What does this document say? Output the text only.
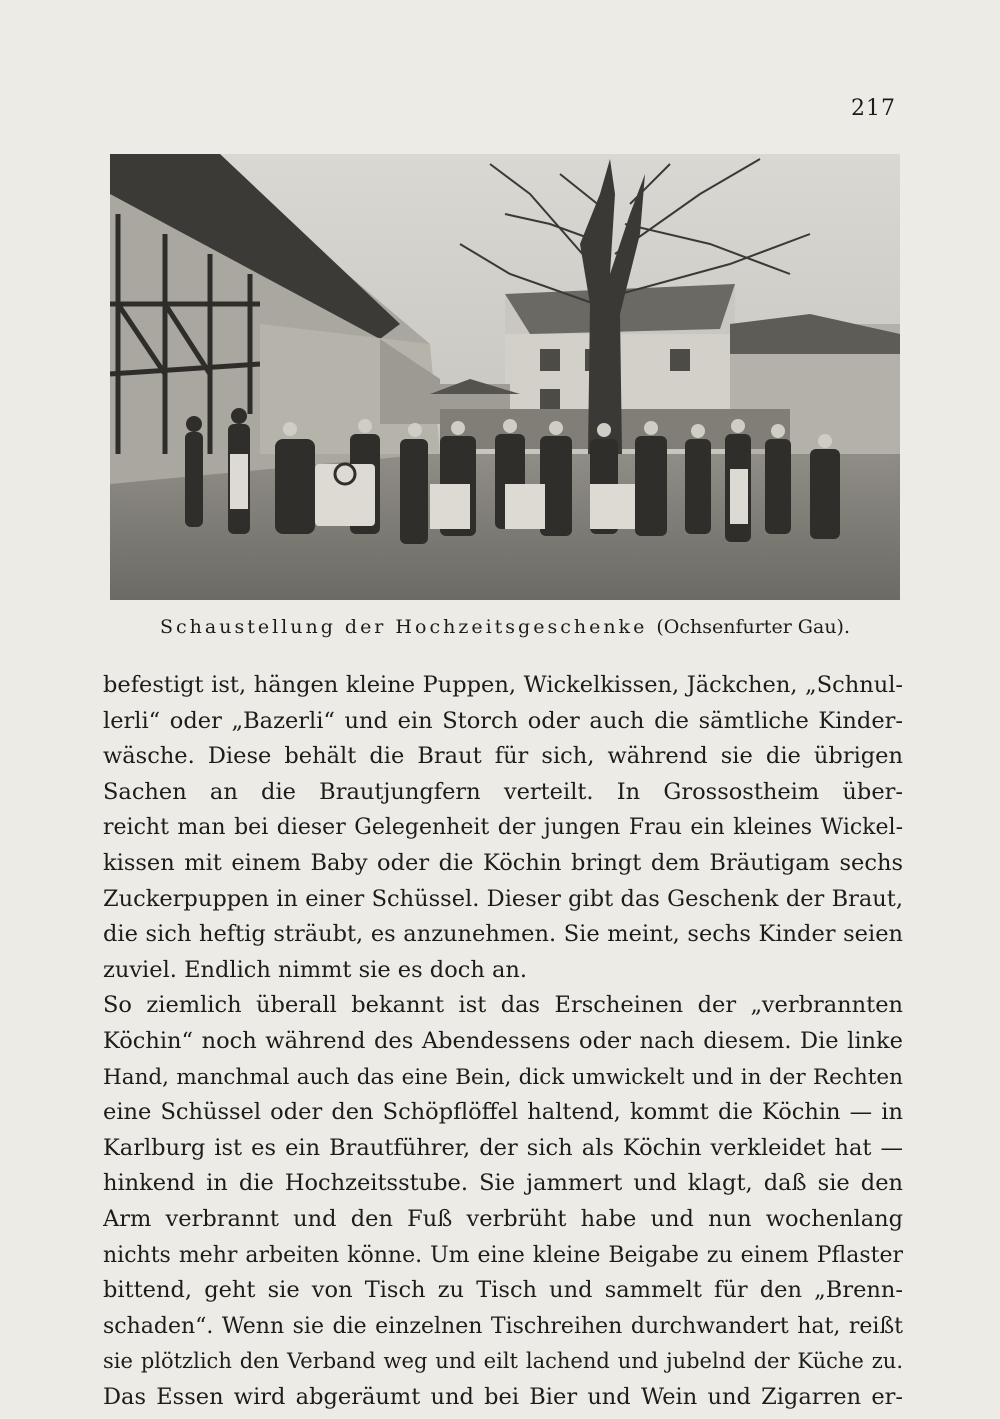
217
Schaustellung der Hochzeitsgeschenke (Ochsenfurter Gau).
befestigt ist, hängen kleine Puppen, Wickelkissen, Jäckchen, „Schnul-
lerli“ oder „Bazerli“ und ein Storch oder auch die sämtliche Kinder-
wäsche. Diese behält die Braut für sich, während sie die übrigen
Sachen an die Brautjungfern verteilt. In Grossostheim über-
reicht man bei dieser Gelegenheit der jungen Frau ein kleines Wickel-
kissen mit einem Baby oder die Köchin bringt dem Bräutigam sechs
Zuckerpuppen in einer Schüssel. Dieser gibt das Geschenk der Braut,
die sich heftig sträubt, es anzunehmen. Sie meint, sechs Kinder seien
zuviel. Endlich nimmt sie es doch an.
So ziemlich überall bekannt ist das Erscheinen der „verbrannten
Köchin“ noch während des Abendessens oder nach diesem. Die linke
Hand, manchmal auch das eine Bein, dick umwickelt und in der Rechten
eine Schüssel oder den Schöpflöffel haltend, kommt die Köchin — in
Karlburg ist es ein Brautführer, der sich als Köchin verkleidet hat —
hinkend in die Hochzeitsstube. Sie jammert und klagt, daß sie den
Arm verbrannt und den Fuß verbrüht habe und nun wochenlang
nichts mehr arbeiten könne. Um eine kleine Beigabe zu einem Pflaster
bittend, geht sie von Tisch zu Tisch und sammelt für den „Brenn-
schaden“. Wenn sie die einzelnen Tischreihen durchwandert hat, reißt
sie plötzlich den Verband weg und eilt lachend und jubelnd der Küche zu.
Das Essen wird abgeräumt und bei Bier und Wein und Zigarren er-
